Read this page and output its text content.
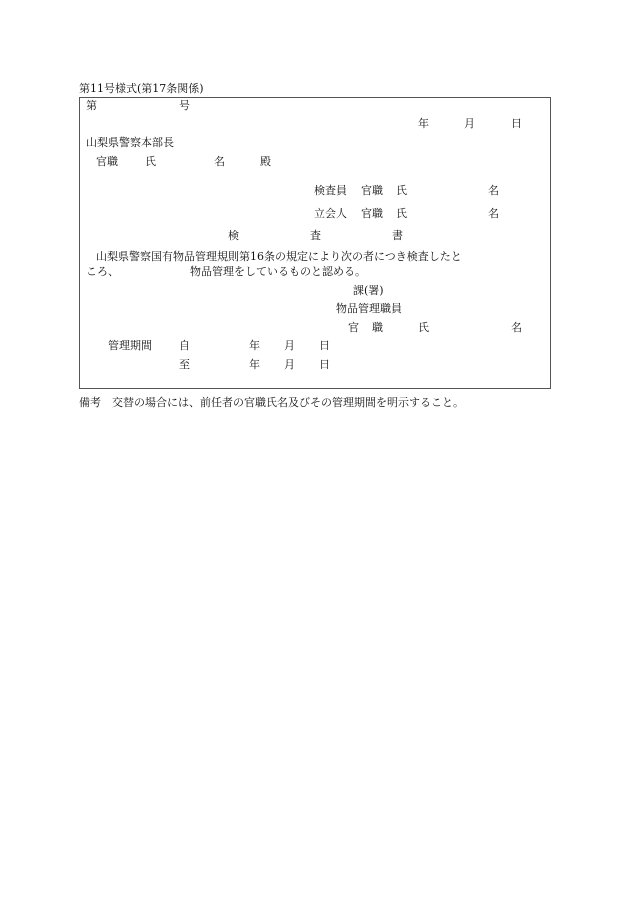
第11号様式(第17条関係)
第	号
年	月	日
山梨県警察本部長
官職 氏	名	殿
検査員 官職 氏	名
立会人 官職 氏	名
検	査	書
山梨県警察国有物品管理規則第16条の規定により次の者につき検査したと
ころ、	物品管理をしているものと認める。
課(署)
物品管理職員
官 職	氏	名
管理期間 自	年 月 日
至	年 月 日
備考　交替の場合には、前任者の官職氏名及びその管理期間を明示すること。
